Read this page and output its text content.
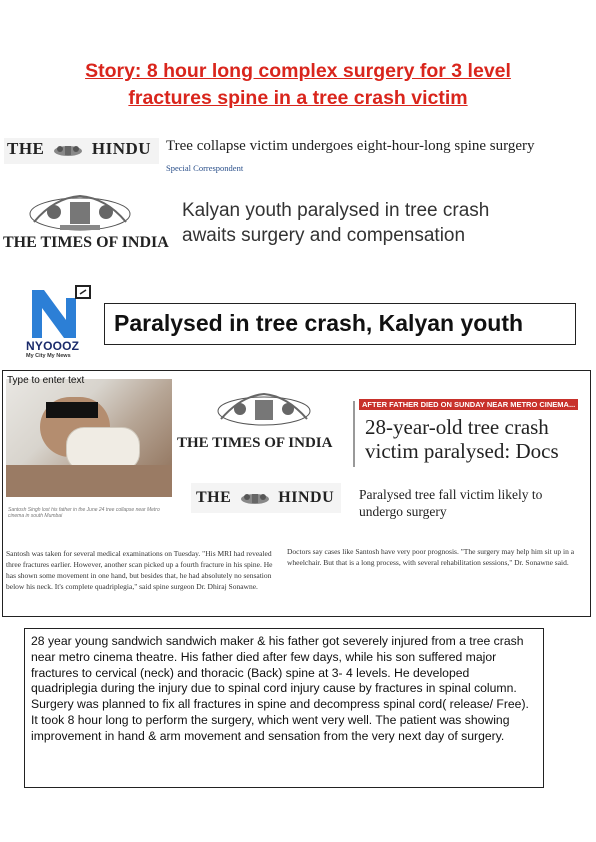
Story: 8 hour long complex surgery for 3 level
fractures spine in a tree crash victim
THE	HINDU Tree collapse victim undergoes eight-hour-long spine surgery
Special Correspondent
THE TIMES OF INDIA
Kalyan youth paralysed in tree crash
awaits surgery and compensation
NYOOOZ
My City My News
Paralysed in tree crash, Kalyan youth
Type to enter text
Santosh Singh lost his father in the June 24 tree collapse near Metro cinema in south Mumbai
THE TIMES OF INDIA
AFTER FATHER DIED ON SUNDAY NEAR METRO CINEMA...
28-year-old tree crash
victim paralysed: Docs
THE	HINDU Paralysed tree fall victim likely to
undergo surgery
Santosh was taken for several medical examinations on Tuesday. "His MRI had revealed three fractures earlier. However, another scan picked up a fourth fracture in his spine. He has shown some movement in one hand, but besides that, he had absolutely no sensation below his neck. It's complete quadriplegia," said spine surgeon Dr. Dhiraj Sonawne.
Doctors say cases like Santosh have very poor prognosis. "The surgery may help him sit up in a wheelchair. But that is a long process, with several rehabilitation sessions," Dr. Sonawne said.
28 year young sandwich sandwich maker & his father got severely injured from a tree crash near metro cinema theatre. His father died after few days, while his son suffered major fractures to cervical (neck) and thoracic (Back) spine at 3- 4 levels. He developed quadriplegia during the injury due to spinal cord injury cause by fractures in spinal column. Surgery was planned to fix all fractures in spine and decompress spinal cord( release/ Free). It took 8 hour long to perform the surgery, which went very well. The patient was showing improvement in hand & arm movement and sensation from the very next day of surgery.
